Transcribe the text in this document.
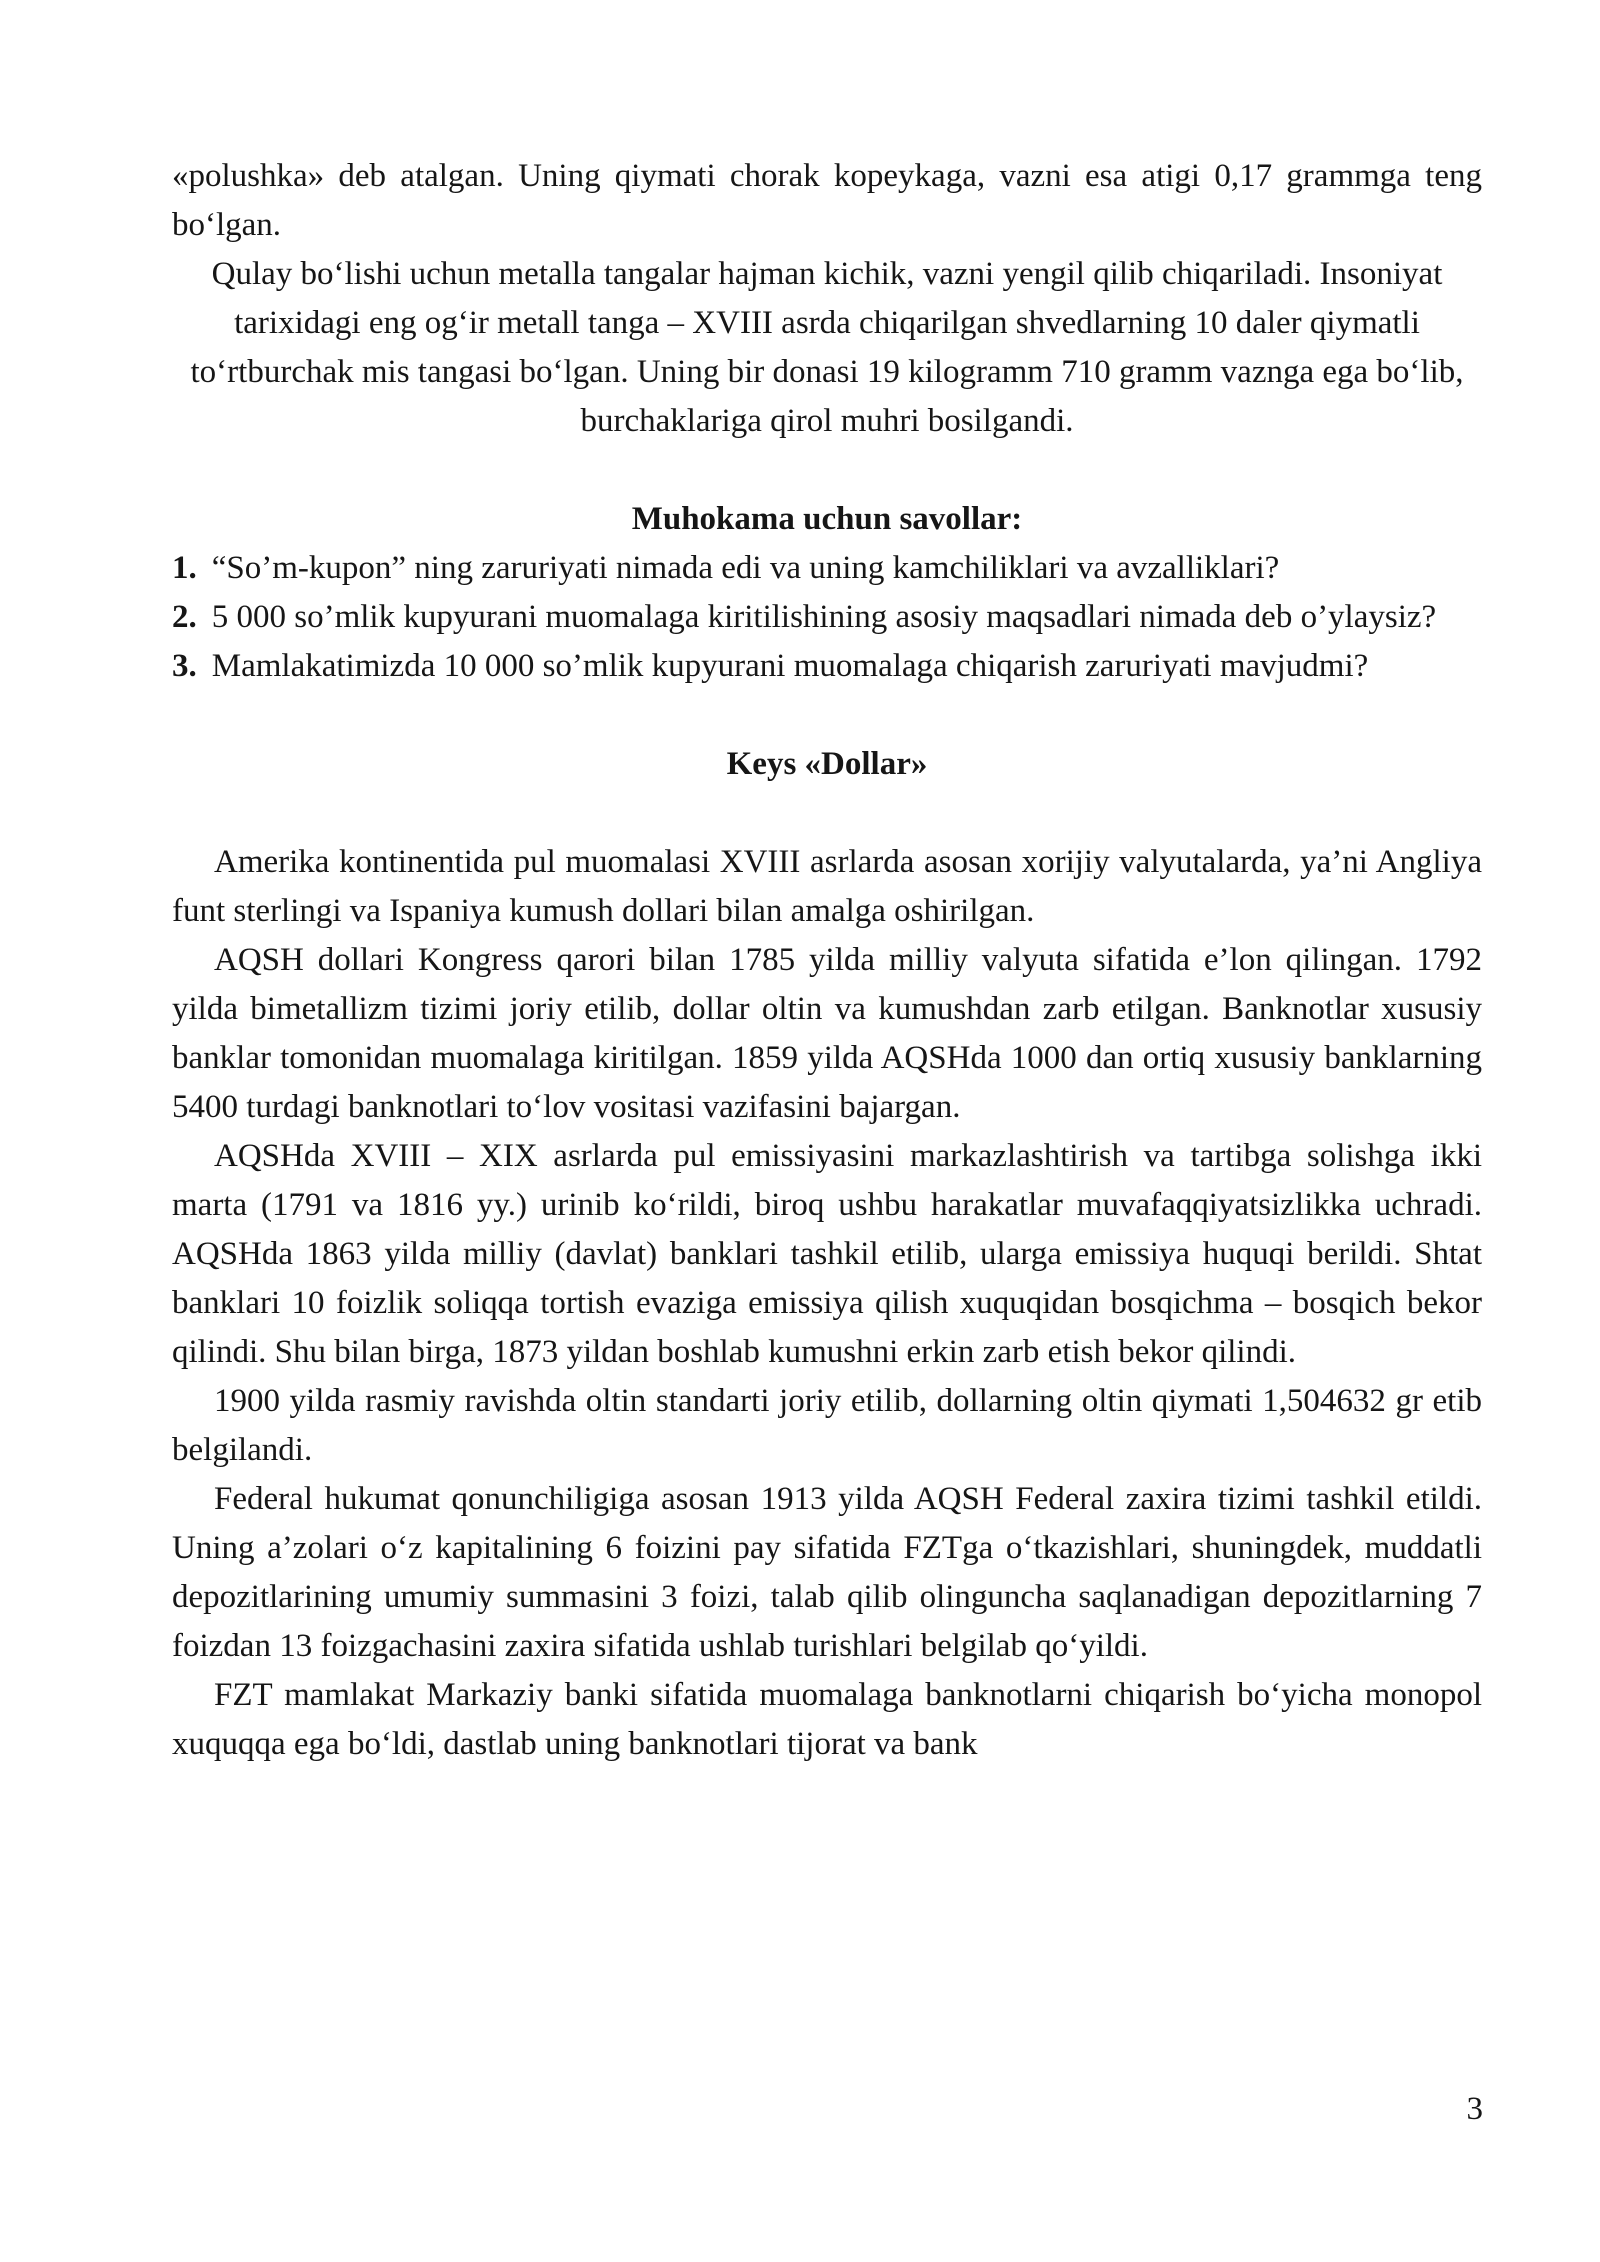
«polushka» deb atalgan. Uning qiymati chorak kopeykaga, vazni esa atigi 0,17 grammga teng bo‘lgan.

Qulay bo‘lishi uchun metalla tangalar hajman kichik, vazni yengil qilib chiqariladi. Insoniyat tarixidagi eng og‘ir metall tanga – XVIII asrda chiqarilgan shvedlarning 10 daler qiymatli to‘rtburchak mis tangasi bo‘lgan. Uning bir donasi 19 kilogramm 710 gramm vaznga ega bo‘lib, burchaklariga qirol muhri bosilgandi.

Muhokama uchun savollar:

1. “So’m-kupon” ning zaruriyati nimada edi va uning kamchiliklari va avzalliklari?

2. 5 000 so’mlik kupyurani muomalaga kiritilishining asosiy maqsadlari nimada deb o’ylaysiz?

3. Mamlakatimizda 10 000 so’mlik kupyurani muomalaga chiqarish zaruriyati mavjudmi?

Keys «Dollar»

Amerika kontinentida pul muomalasi XVIII asrlarda asosan xorijiy valyutalarda, ya’ni Angliya funt sterlingi va Ispaniya kumush dollari bilan amalga oshirilgan.

AQSH dollari Kongress qarori bilan 1785 yilda milliy valyuta sifatida e’lon qilingan. 1792 yilda bimetallizm tizimi joriy etilib, dollar oltin va kumushdan zarb etilgan. Banknotlar xususiy banklar tomonidan muomalaga kiritilgan. 1859 yilda AQSHda 1000 dan ortiq xususiy banklarning 5400 turdagi banknotlari to‘lov vositasi vazifasini bajargan.

AQSHda XVIII – XIX asrlarda pul emissiyasini markazlashtirish va tartibga solishga ikki marta (1791 va 1816 yy.) urinib ko‘rildi, biroq ushbu harakatlar muvafaqqiyatsizlikka uchradi. AQSHda 1863 yilda milliy (davlat) banklari tashkil etilib, ularga emissiya huquqi berildi. Shtat banklari 10 foizlik soliqqa tortish evaziga emissiya qilish xuquqidan bosqichma – bosqich bekor qilindi. Shu bilan birga, 1873 yildan boshlab kumushni erkin zarb etish bekor qilindi.

1900 yilda rasmiy ravishda oltin standarti joriy etilib, dollarning oltin qiymati 1,504632 gr etib belgilandi.

Federal hukumat qonunchiligiga asosan 1913 yilda AQSH Federal zaxira tizimi tashkil etildi. Uning a’zolari o‘z kapitalining 6 foizini pay sifatida FZTga o‘tkazishlari, shuningdek, muddatli depozitlarining umumiy summasini 3 foizi, talab qilib olinguncha saqlanadigan depozitlarning 7 foizdan 13 foizgachasini zaxira sifatida ushlab turishlari belgilab qo‘yildi.

FZT mamlakat Markaziy banki sifatida muomalaga banknotlarni chiqarish bo‘yicha monopol xuquqqa ega bo‘ldi, dastlab uning banknotlari tijorat va bank

3
